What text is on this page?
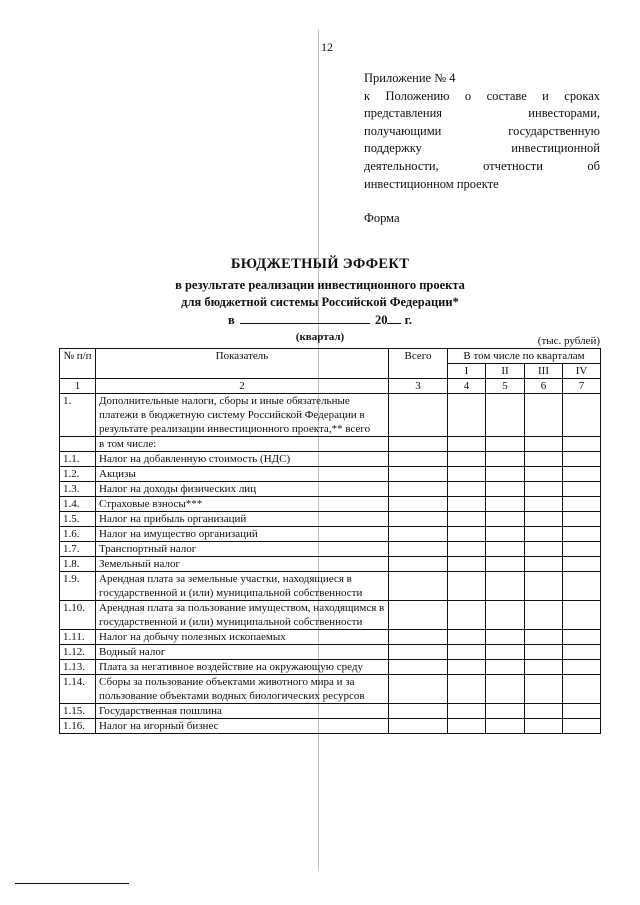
12
Приложение № 4
к Положению о составе и сроках
представления инвесторами,
получающими государственную
поддержку инвестиционной
деятельности, отчетности об
инвестиционном проекте
Форма
БЮДЖЕТНЫЙ ЭФФЕКТ
в результате реализации инвестиционного проекта
для бюджетной системы Российской Федерации*
в	20 г.
(квартал)	(тыс. рублей)
№ п/п	Показатель	Всего	В том числе по кварталам			
			I	II	III	IV
1	2	3	4	5	6	7
1.	Дополнительные налоги, сборы и иные обязательные платежи в бюджетную систему Российской Федерации в результате реализации инвестиционного проекта,** всего					
	в том числе:					
1.1.	Налог на добавленную стоимость (НДС)					
1.2.	Акцизы					
1.3.	Налог на доходы физических лиц					
1.4.	Страховые взносы***					
1.5.	Налог на прибыль организаций					
1.6.	Налог на имущество организаций					
1.7.	Транспортный налог					
1.8.	Земельный налог					
1.9.	Арендная плата за земельные участки, находящиеся в государственной и (или) муниципальной собственности					
1.10.	Арендная плата за пользование имуществом, находящимся в государственной и (или) муниципальной собственности					
1.11.	Налог на добычу полезных ископаемых					
1.12.	Водный налог					
1.13.	Плата за негативное воздействие на окружающую среду					
1.14.	Сборы за пользование объектами животного мира и за пользование объектами водных биологических ресурсов					
1.15.	Государственная пошлина					
1.16.	Налог на игорный бизнес					
